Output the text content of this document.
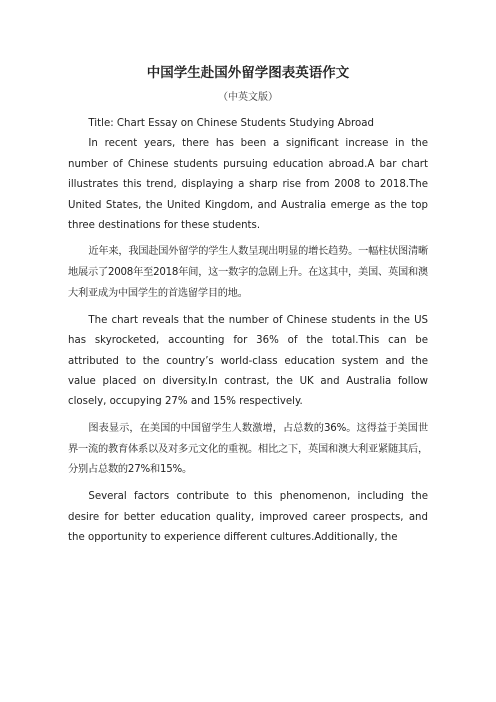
中国学生赴国外留学图表英语作文
（中英文版）

Title: Chart Essay on Chinese Students Studying Abroad

In recent years, there has been a significant increase in the number of Chinese students pursuing education abroad.A bar chart illustrates this trend, displaying a sharp rise from 2008 to 2018.The United States, the United Kingdom, and Australia emerge as the top three destinations for these students.

近年来，我国赴国外留学的学生人数呈现出明显的增长趋势。一幅柱状图清晰地展示了2008年至2018年间，这一数字的急剧上升。在这其中，美国、英国和澳大利亚成为中国学生的首选留学目的地。

The chart reveals that the number of Chinese students in the US has skyrocketed, accounting for 36% of the total.This can be attributed to the country’s world-class education system and the value placed on diversity.In contrast, the UK and Australia follow closely, occupying 27% and 15% respectively.

图表显示，在美国的中国留学生人数激增，占总数的36%。这得益于美国世界一流的教育体系以及对多元文化的重视。相比之下，英国和澳大利亚紧随其后，分别占总数的27%和15%。

Several factors contribute to this phenomenon, including the desire for better education quality, improved career prospects, and the opportunity to experience different cultures.Additionally, the
